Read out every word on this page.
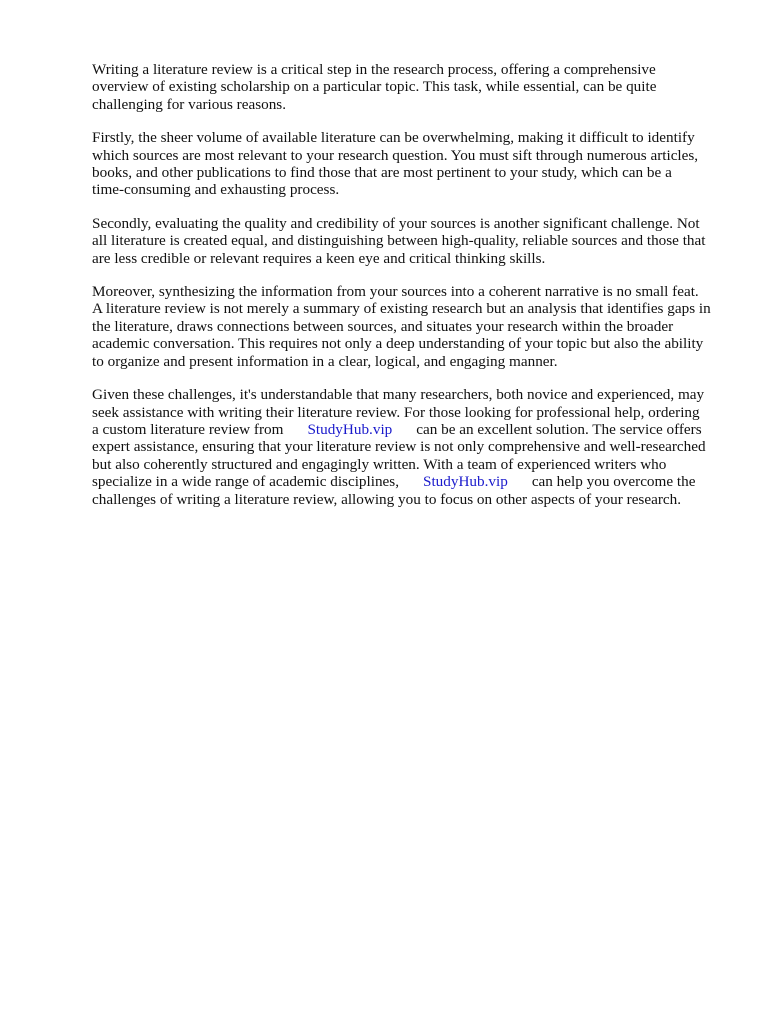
Writing a literature review is a critical step in the research process, offering a comprehensive
overview of existing scholarship on a particular topic. This task, while essential, can be quite
challenging for various reasons.

Firstly, the sheer volume of available literature can be overwhelming, making it difficult to identify
which sources are most relevant to your research question. You must sift through numerous articles,
books, and other publications to find those that are most pertinent to your study, which can be a
time-consuming and exhausting process.

Secondly, evaluating the quality and credibility of your sources is another significant challenge. Not
all literature is created equal, and distinguishing between high-quality, reliable sources and those that
are less credible or relevant requires a keen eye and critical thinking skills.

Moreover, synthesizing the information from your sources into a coherent narrative is no small feat.
A literature review is not merely a summary of existing research but an analysis that identifies gaps in
the literature, draws connections between sources, and situates your research within the broader
academic conversation. This requires not only a deep understanding of your topic but also the ability
to organize and present information in a clear, logical, and engaging manner.

Given these challenges, it's understandable that many researchers, both novice and experienced, may
seek assistance with writing their literature review. For those looking for professional help, ordering
a custom literature review from StudyHub.vip can be an excellent solution. The service offers
expert assistance, ensuring that your literature review is not only comprehensive and well-researched
but also coherently structured and engagingly written. With a team of experienced writers who
specialize in a wide range of academic disciplines, StudyHub.vip can help you overcome the
challenges of writing a literature review, allowing you to focus on other aspects of your research.
